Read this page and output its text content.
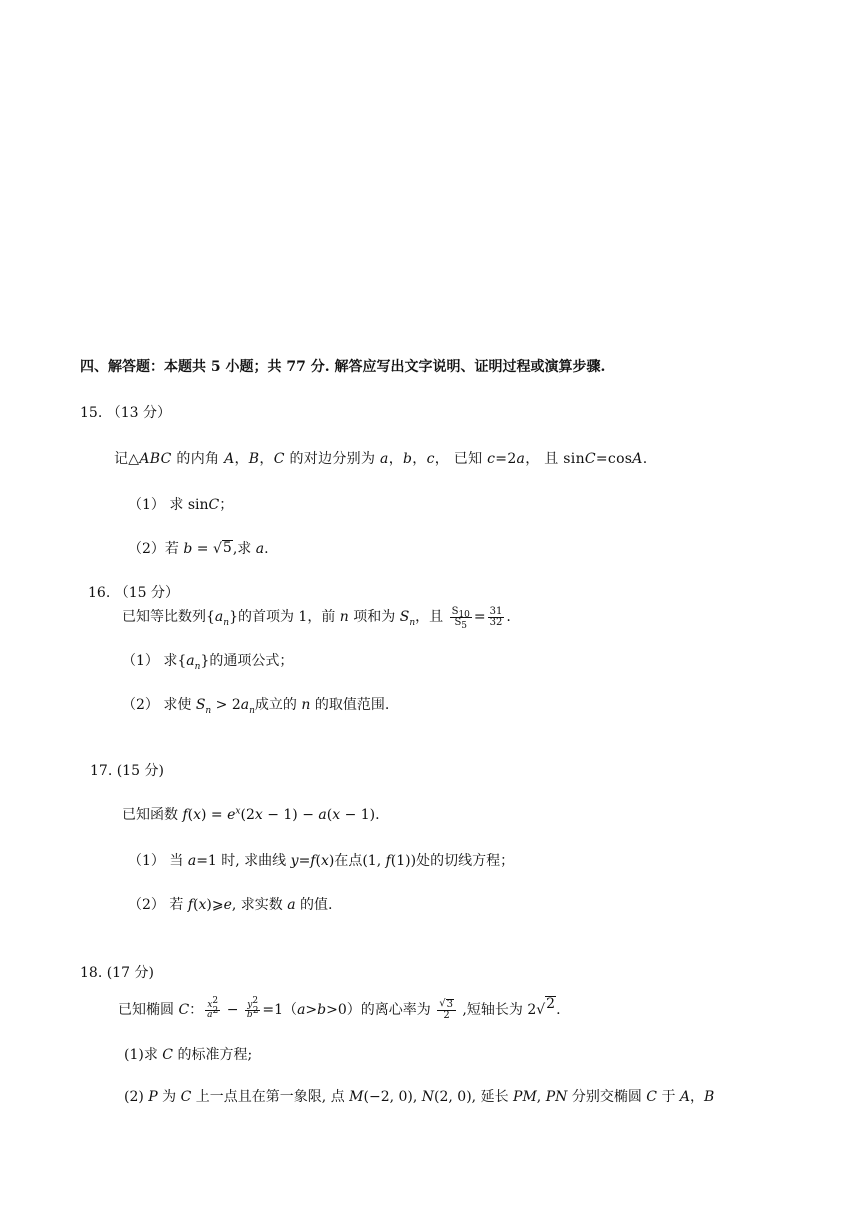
四、解答题：本题共 5 小题；共 77 分. 解答应写出文字说明、证明过程或演算步骤.
15. （13 分）
记△ABC 的内角 A，B，C 的对边分别为 a，b，c， 已知 c=2a， 且 sinC=cosA.
（1） 求 sinC；
（2）若 b = √ 5 ,求 a.
16. （15 分）
已知等比数列$\{a_n\}$的首项为 1，前 n 项和为 $S_n$，且 $\frac{S_{10}}{S_5} = \frac{31}{32}$ .
（1） 求$\{a_n\}$的通项公式；
（2） 求使 $S_n > 2a_n$成立的 n 的取值范围.
17. (15 分)
已知函数 $f(x) = e^x(2x - 1) - a(x - 1)$.
（1） 当 a=1 时, 求曲线 y=f(x)在点(1, f(1))处的切线方程；
（2） 若 f(x)⩾e, 求实数 a 的值.
18. (17 分)
已知椭圆 C： $\frac{x^2}{a^2} - \frac{y^2}{b^2} =1(a>b>0)$的离心率为 $\frac{√ 3}{2}$ ,短轴长为 2√ 2 .
(1)求 C 的标准方程;
(2) P 为 C 上一点且在第一象限, 点 M(−2, 0), N(2, 0), 延长 PM, PN 分别交椭圆 C 于 A，B
